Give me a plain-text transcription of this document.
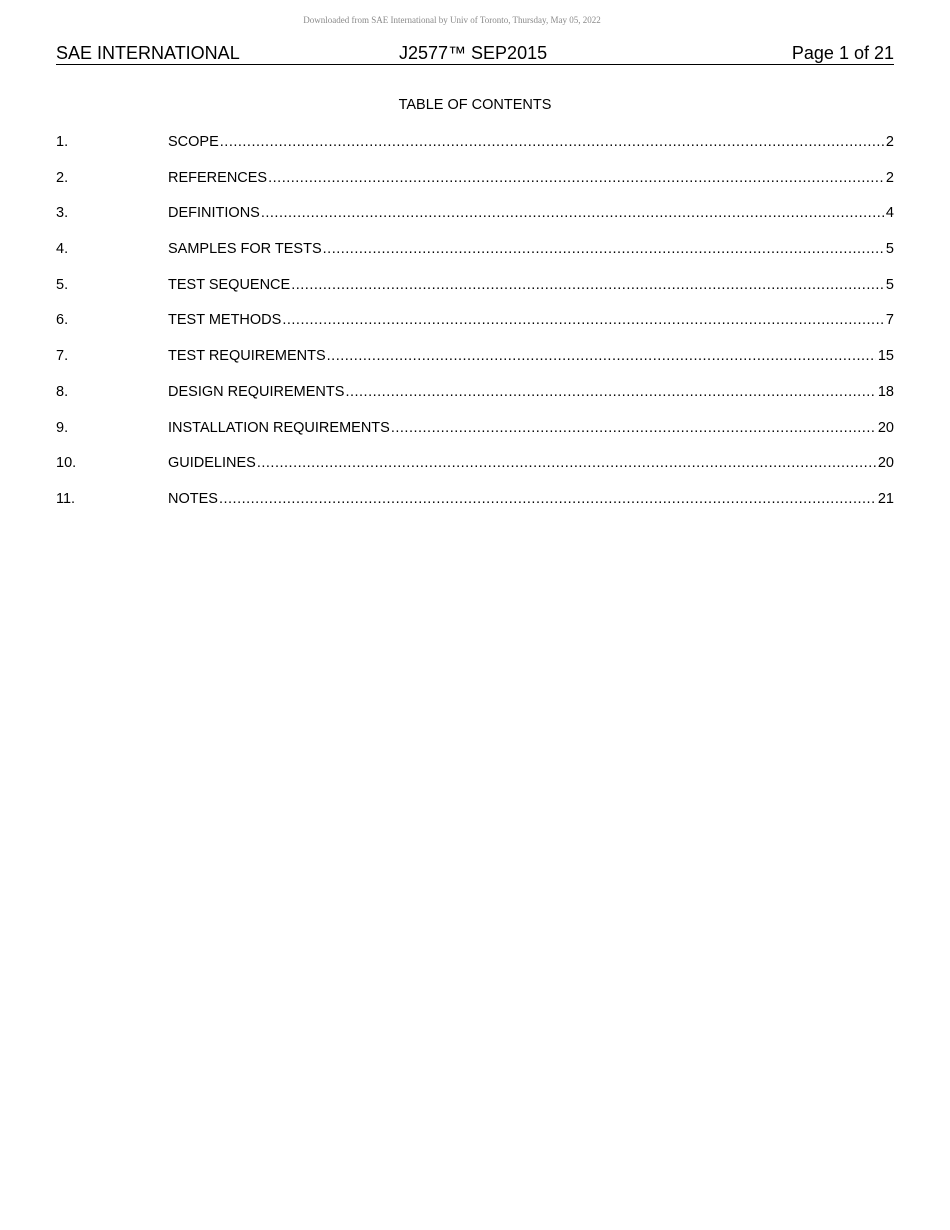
Downloaded from SAE International by Univ of Toronto, Thursday, May 05, 2022
SAE INTERNATIONAL	J2577™ SEP2015	Page 1 of 21
TABLE OF CONTENTS
1.	SCOPE .....	2
2.	REFERENCES .....	2
3.	DEFINITIONS .....	4
4.	SAMPLES FOR TESTS .....	5
5.	TEST SEQUENCE .....	5
6.	TEST METHODS .....	7
7.	TEST REQUIREMENTS .....	15
8.	DESIGN REQUIREMENTS .....	18
9.	INSTALLATION REQUIREMENTS .....	20
10.	GUIDELINES .....	20
11.	NOTES .....	21
